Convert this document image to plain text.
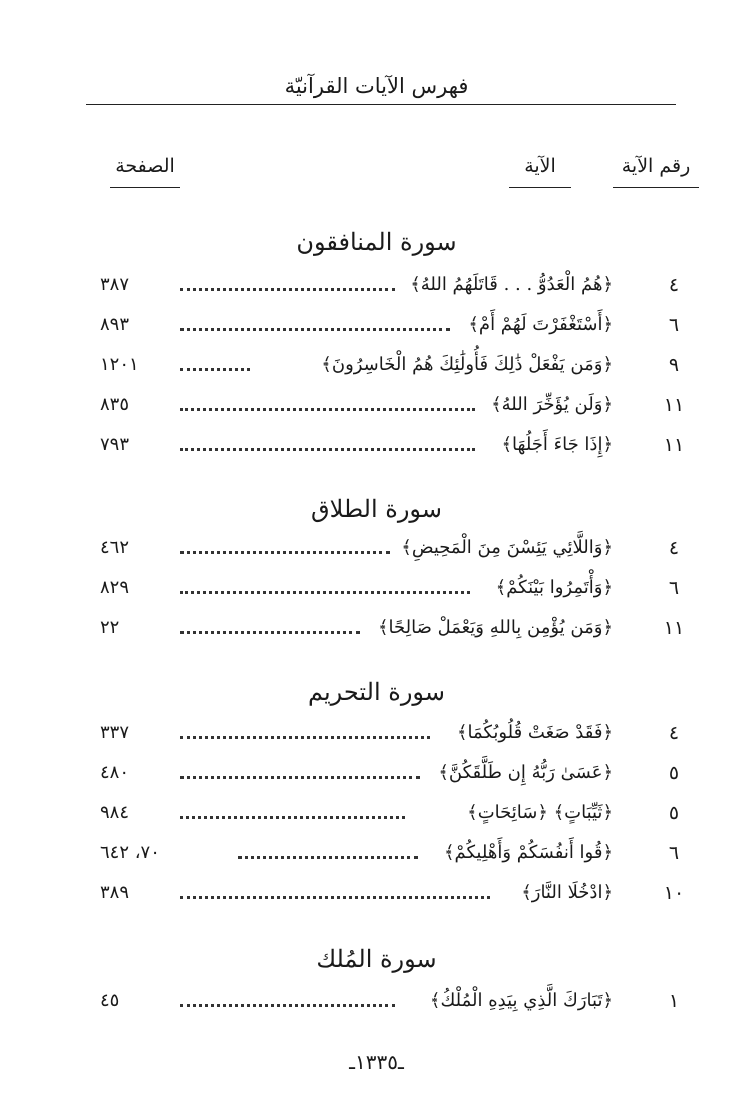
فهرس الآيات القرآنيّة
رقم الآية
الآية
الصفحة
سورة المنافقون
٤
﴿هُمُ الْعَدُوُّ . . . قَاتَلَهُمُ اللهُ﴾
٣٨٧
٦
﴿أَسْتَغْفَرْتَ لَهُمْ أَمْ﴾
٨٩٣
٩
﴿وَمَن يَفْعَلْ ذَٰلِكَ فَأُولَٰئِكَ هُمُ الْخَاسِرُونَ﴾
١٢٠١
١١
﴿وَلَن يُؤَخِّرَ اللهُ﴾
٨٣٥
١١
﴿إِذَا جَاءَ أَجَلُهَا﴾
٧٩٣
سورة الطلاق
٤
﴿وَاللَّائِي يَئِسْنَ مِنَ الْمَحِيضِ﴾
٤٦٢
٦
﴿وَأْتَمِرُوا بَيْنَكُمْ﴾
٨٢٩
١١
﴿وَمَن يُؤْمِن بِاللهِ وَيَعْمَلْ صَالِحًا﴾
٢٢
سورة التحريم
٤
﴿فَقَدْ صَغَتْ قُلُوبُكُمَا﴾
٣٣٧
٥
﴿عَسَىٰ رَبُّهُ إِن طَلَّقَكُنَّ﴾
٤٨٠
٥
﴿ثَيِّبَاتٍ﴾ ﴿سَائِحَاتٍ﴾
٩٨٤
٦
﴿قُوا أَنفُسَكُمْ وَأَهْلِيكُمْ﴾
٧٠، ٦٤٢
١٠
﴿ادْخُلَا النَّارَ﴾
٣٨٩
سورة المُلك
١
﴿تَبَارَكَ الَّذِي بِيَدِهِ الْمُلْكُ﴾
٤٥
ـ١٣٣٥ـ
